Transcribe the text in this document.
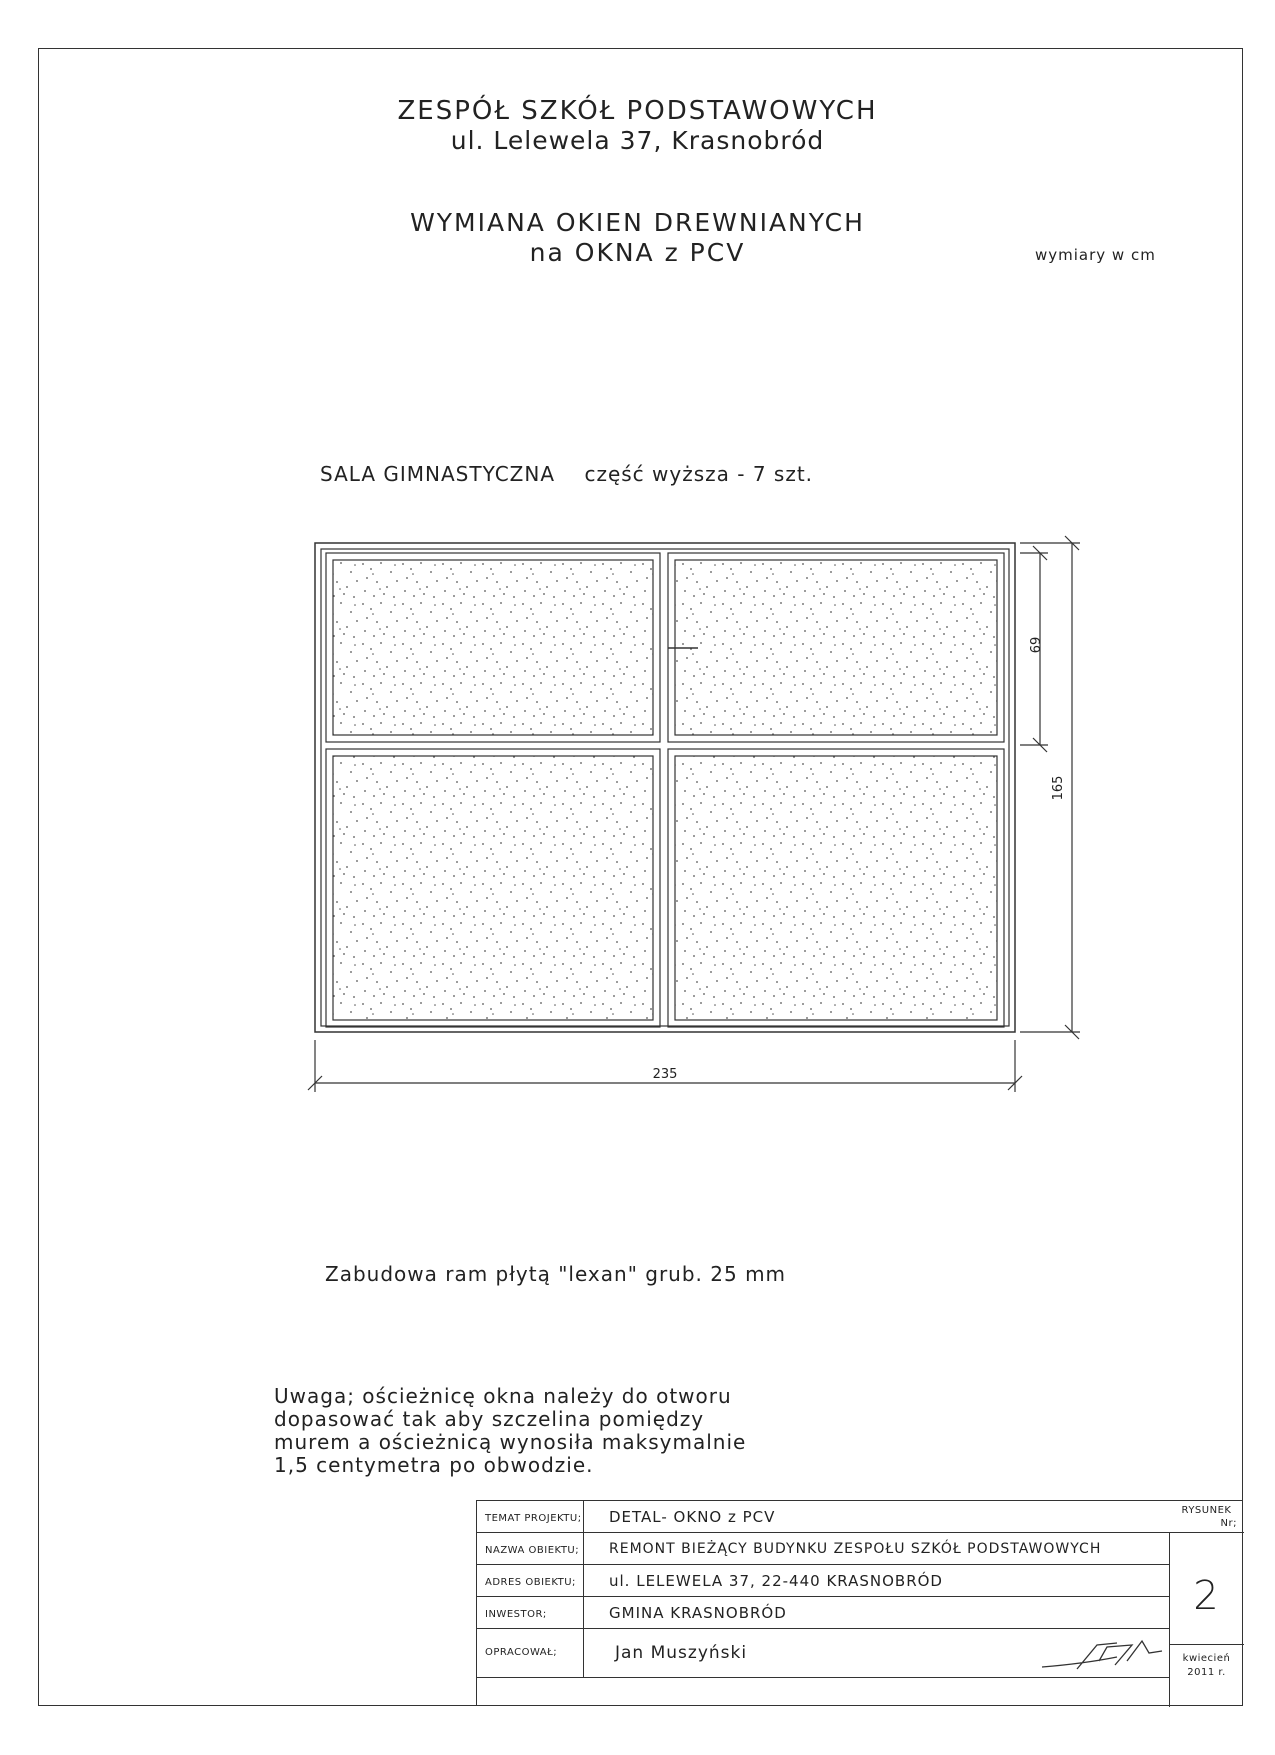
ZESPÓŁ SZKÓŁ PODSTAWOWYCH
ul. Lelewela 37, Krasnobród
WYMIANA OKIEN DREWNIANYCH
na OKNA z PCV	wymiary w cm
SALA GIMNASTYCZNA    część wyższa - 7 szt.
235
165
69
Zabudowa ram płytą "lexan" grub. 25 mm
Uwaga; ościeżnicę okna należy do otworu
dopasować tak aby szczelina pomiędzy
murem a ościeżnicą wynosiła maksymalnie
1,5 centymetra po obwodzie.
TEMAT PROJEKTU;
NAZWA OBIEKTU;
ADRES OBIEKTU;
INWESTOR;
OPRACOWAŁ;
DETAL- OKNO z PCV
REMONT BIEŻĄCY BUDYNKU ZESPOŁU SZKÓŁ PODSTAWOWYCH
ul. LELEWELA 37, 22-440 KRASNOBRÓD
GMINA KRASNOBRÓD
Jan Muszyński
RYSUNEK
Nr;
2
kwiecień
2011 r.
